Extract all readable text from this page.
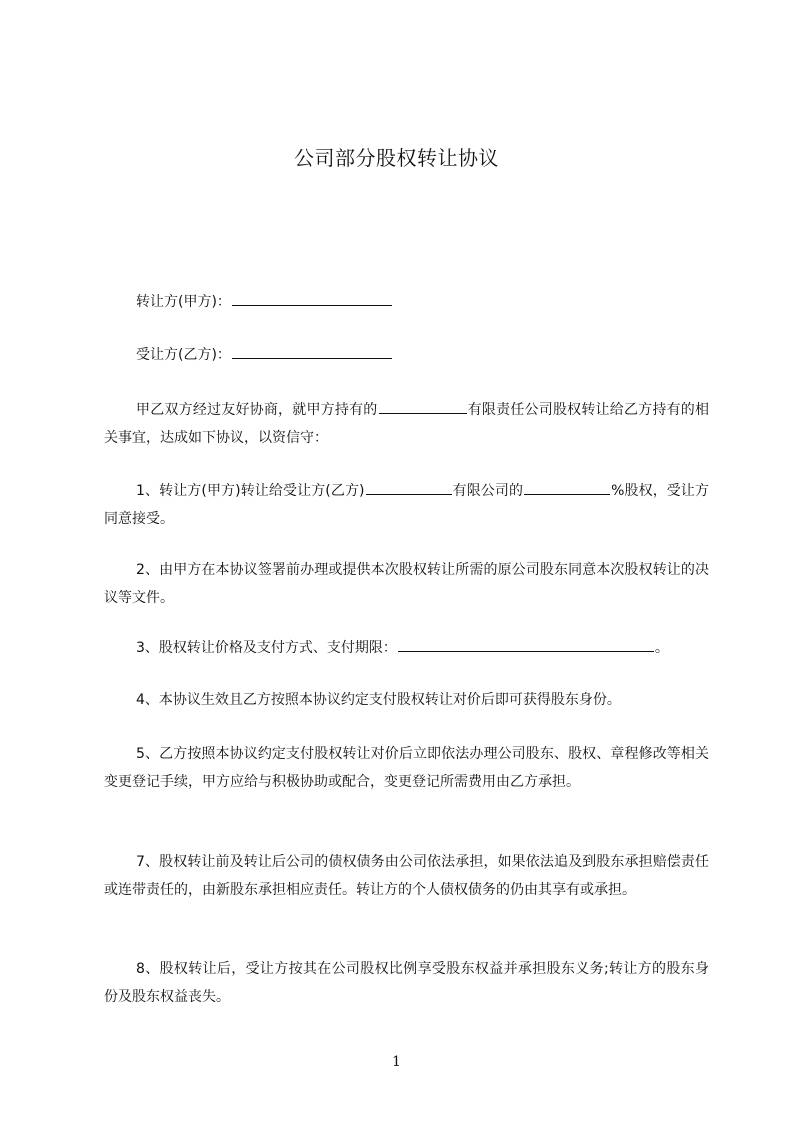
公司部分股权转让协议
转让方(甲方)：
受让方(乙方)：
甲乙双方经过友好协商，就甲方持有的	有限责任公司股权转让给乙方持有的相关事宜，达成如下协议，以资信守：
1、转让方(甲方)转让给受让方(乙方)	有限公司的	%股权，受让方同意接受。
2、由甲方在本协议签署前办理或提供本次股权转让所需的原公司股东同意本次股权转让的决议等文件。
3、股权转让价格及支付方式、支付期限：	。
4、本协议生效且乙方按照本协议约定支付股权转让对价后即可获得股东身份。
5、乙方按照本协议约定支付股权转让对价后立即依法办理公司股东、股权、章程修改等相关变更登记手续，甲方应给与积极协助或配合，变更登记所需费用由乙方承担。
7、股权转让前及转让后公司的债权债务由公司依法承担，如果依法追及到股东承担赔偿责任或连带责任的，由新股东承担相应责任。转让方的个人债权债务的仍由其享有或承担。
8、股权转让后，受让方按其在公司股权比例享受股东权益并承担股东义务;转让方的股东身份及股东权益丧失。
1
